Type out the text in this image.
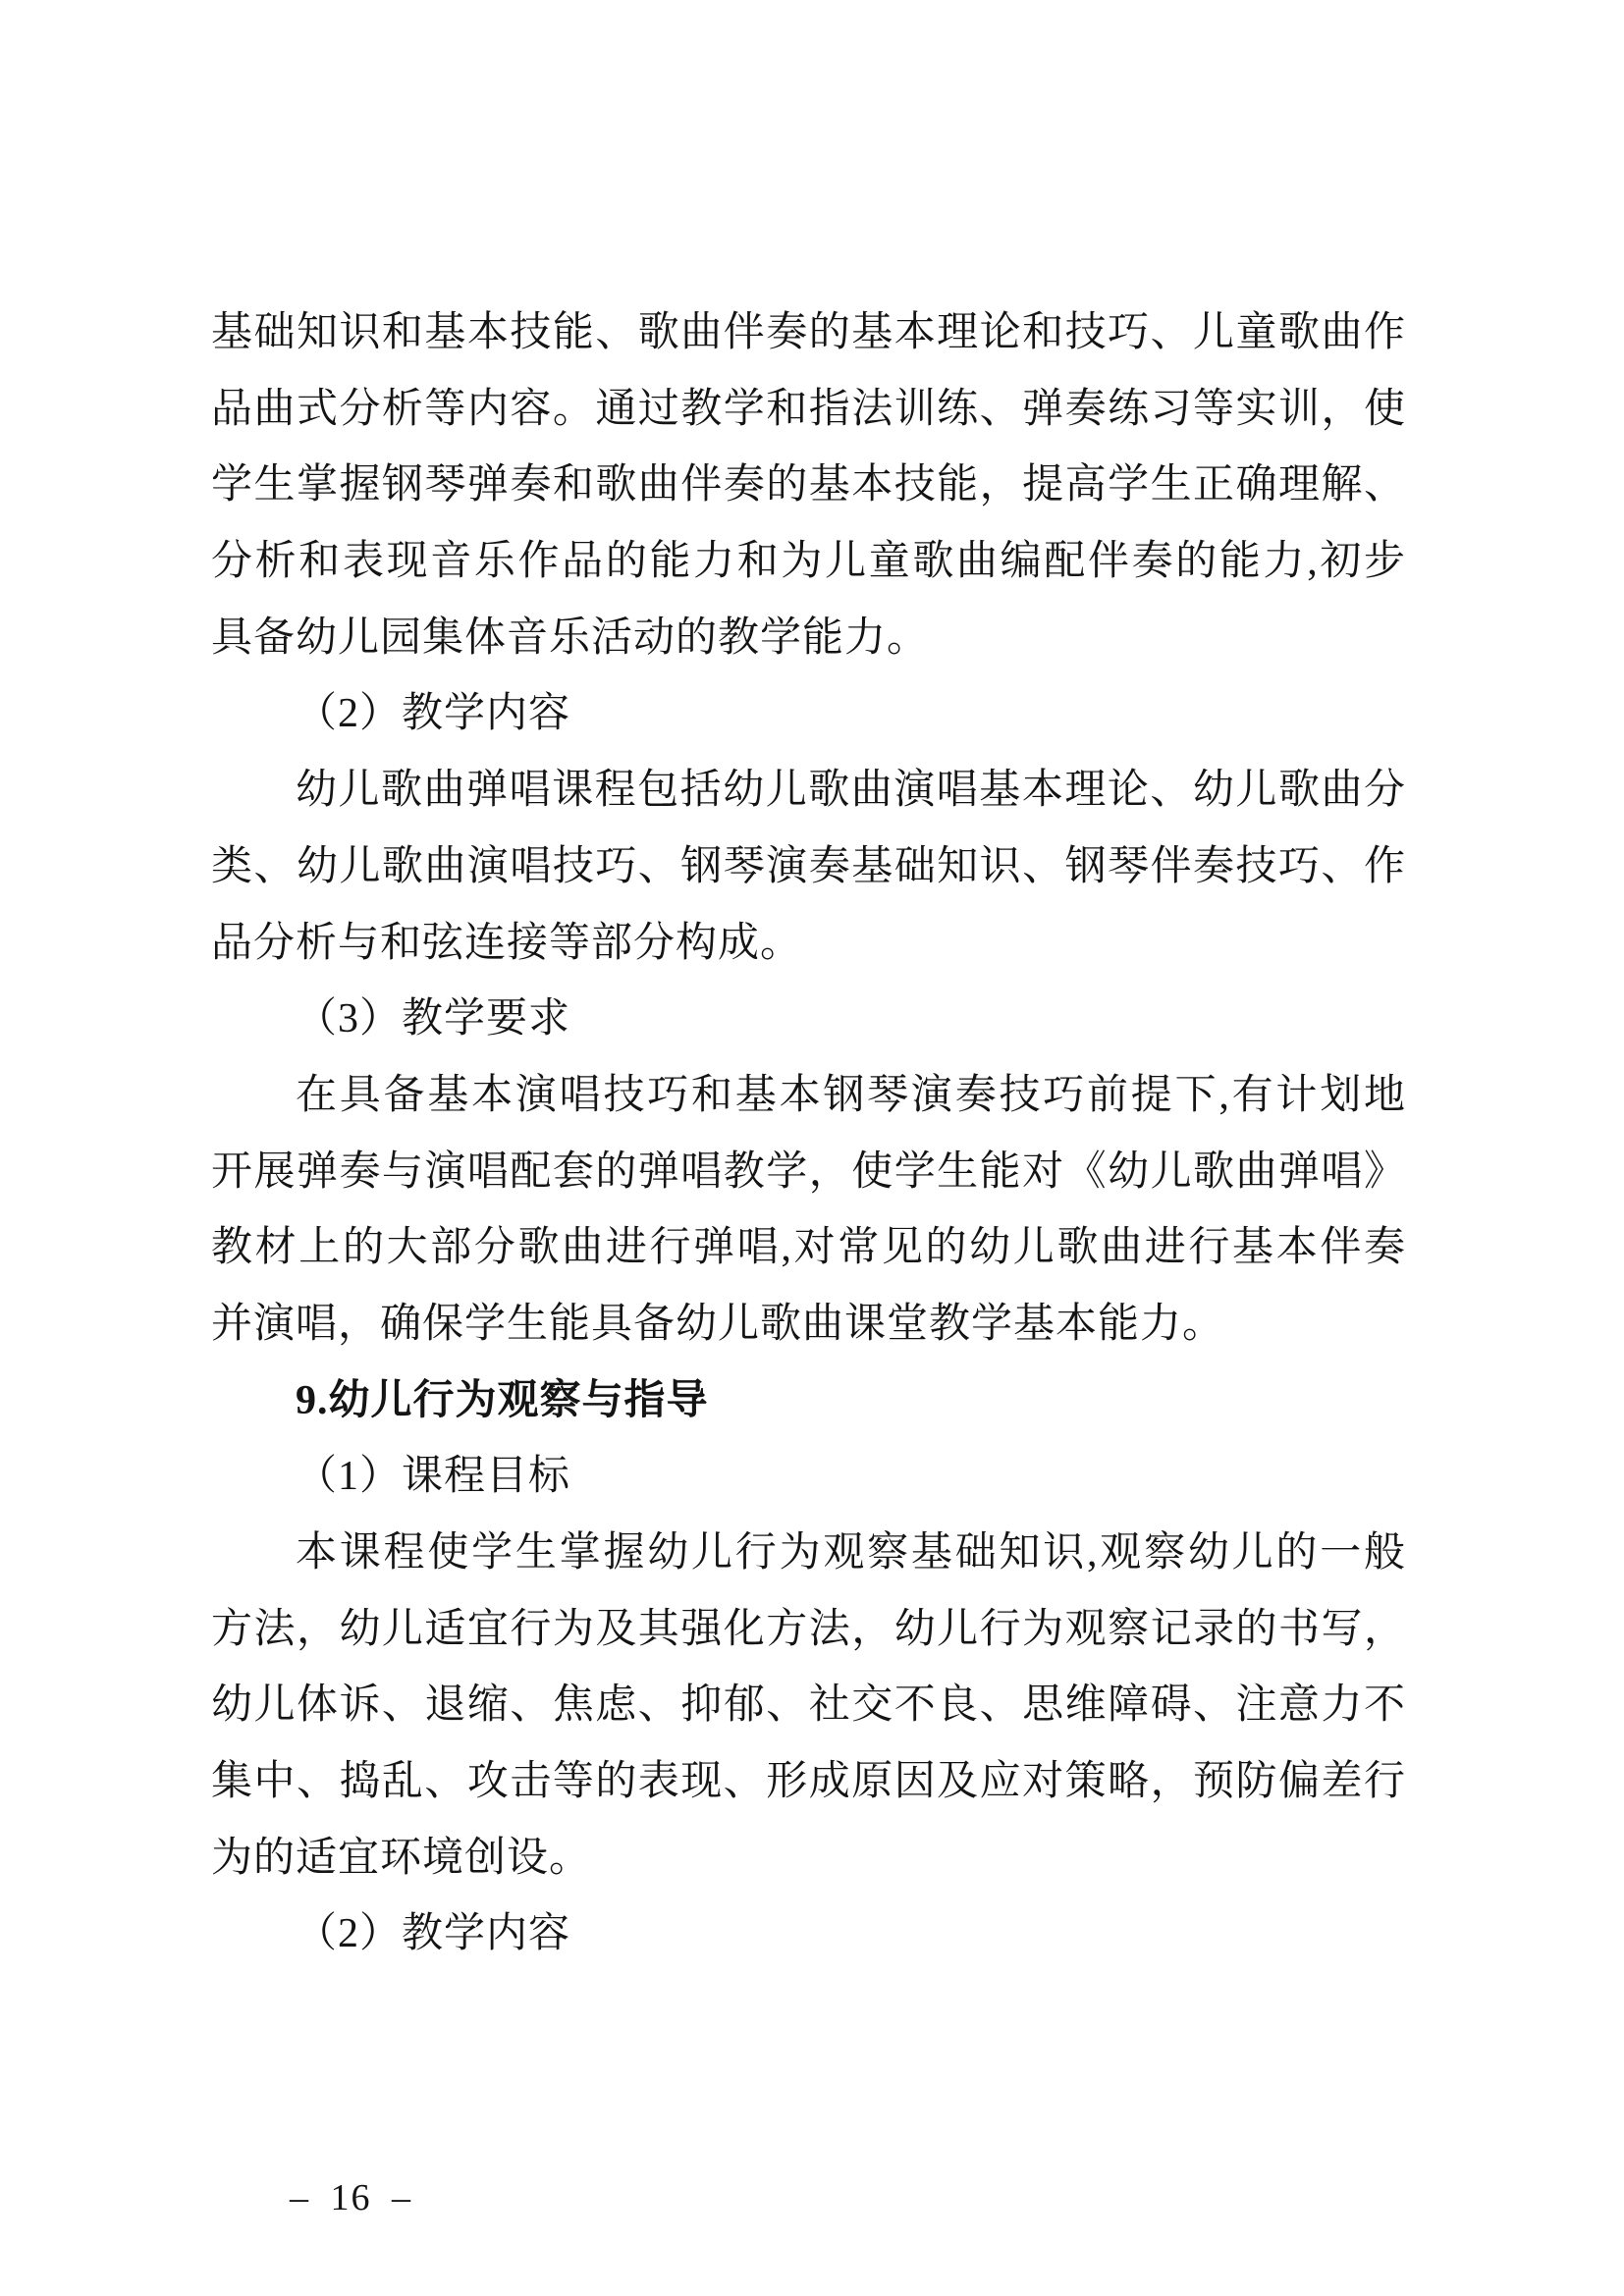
基础知识和基本技能、歌曲伴奏的基本理论和技巧、儿童歌曲作
品曲式分析等内容。通过教学和指法训练、弹奏练习等实训，使
学生掌握钢琴弹奏和歌曲伴奏的基本技能，提高学生正确理解、
分析和表现音乐作品的能力和为儿童歌曲编配伴奏的能力,初步
具备幼儿园集体音乐活动的教学能力。
（2）教学内容
幼儿歌曲弹唱课程包括幼儿歌曲演唱基本理论、幼儿歌曲分
类、幼儿歌曲演唱技巧、钢琴演奏基础知识、钢琴伴奏技巧、作
品分析与和弦连接等部分构成。
（3）教学要求
在具备基本演唱技巧和基本钢琴演奏技巧前提下,有计划地
开展弹奏与演唱配套的弹唱教学，使学生能对《幼儿歌曲弹唱》
教材上的大部分歌曲进行弹唱,对常见的幼儿歌曲进行基本伴奏
并演唱，确保学生能具备幼儿歌曲课堂教学基本能力。
9.幼儿行为观察与指导
（1）课程目标
本课程使学生掌握幼儿行为观察基础知识,观察幼儿的一般
方法，幼儿适宜行为及其强化方法，幼儿行为观察记录的书写，
幼儿体诉、退缩、焦虑、抑郁、社交不良、思维障碍、注意力不
集中、捣乱、攻击等的表现、形成原因及应对策略，预防偏差行
为的适宜环境创设。
（2）教学内容

– 16 –
